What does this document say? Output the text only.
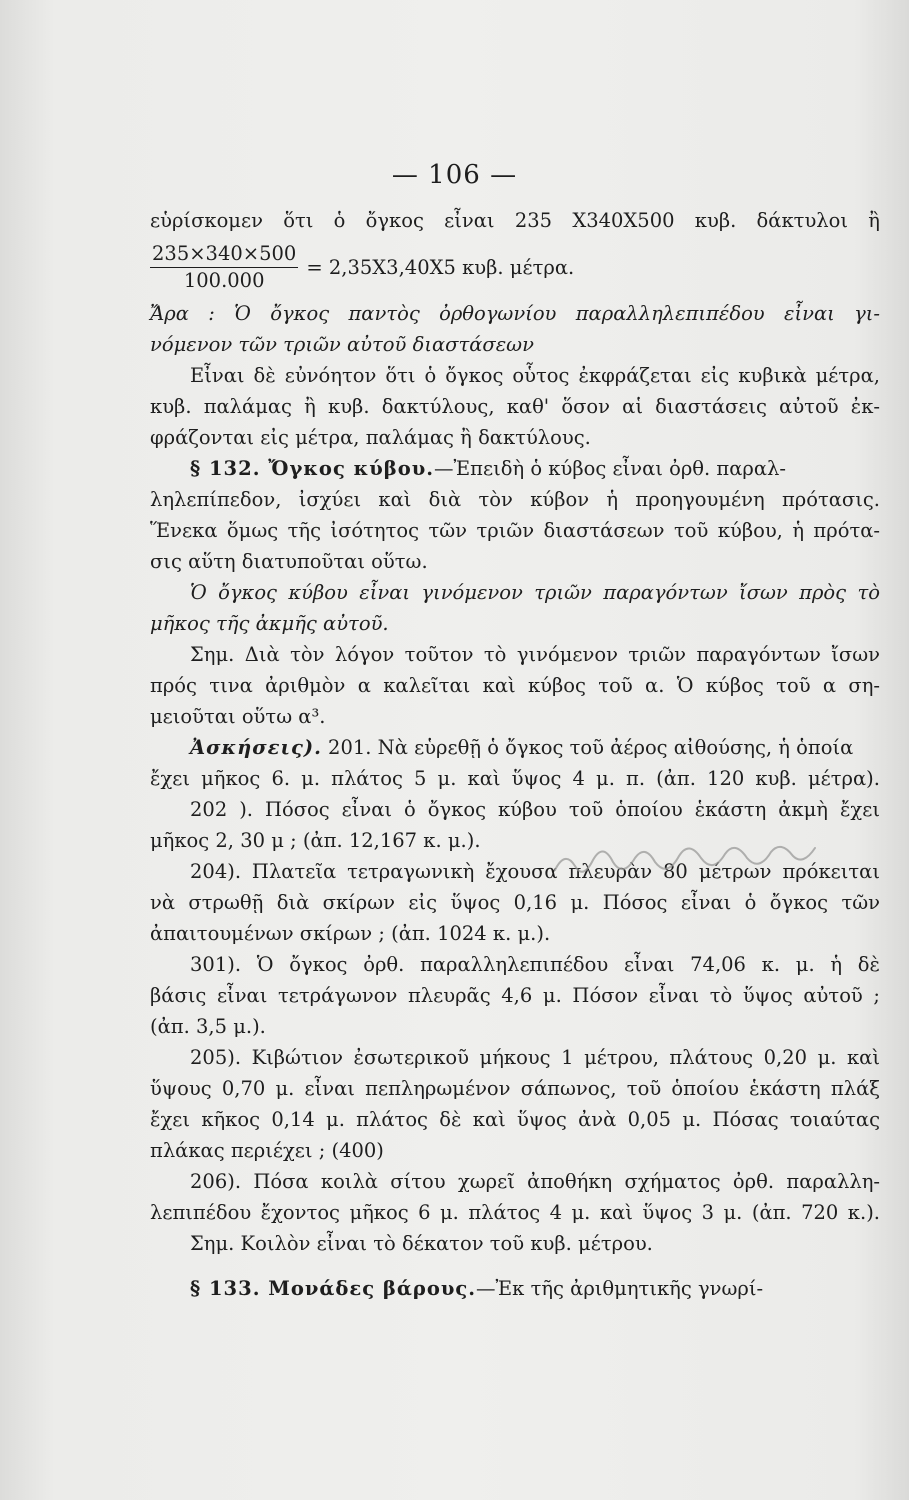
— 106 —
εὑρίσκομεν ὅτι ὁ ὄγκος εἶναι 235 X340X500 κυβ. δάκτυλοι ἢ
$\frac{235\times 340\times 500}{100.000} = 2,35X3,40X5$ κυβ. μέτρα.
Ἄρα : Ὁ ὄγκος παντὸς ὀρθογωνίου παραλληλεπιπέδου εἶναι γι-
νόμενον τῶν τριῶν αὐτοῦ διαστάσεων
Εἶναι δὲ εὐνόητον ὅτι ὁ ὄγκος οὗτος ἐκφράζεται εἰς κυβικὰ μέτρα,
κυβ. παλάμας ἢ κυβ. δακτύλους, καθ' ὅσον αἱ διαστάσεις αὐτοῦ ἐκ-
φράζονται εἰς μέτρα, παλάμας ἢ δακτύλους.
§ 132. Ὄγκος κύβου.—Ἐπειδὴ ὁ κύβος εἶναι ὀρθ. παραλ-
ληλεπίπεδον, ἰσχύει καὶ διὰ τὸν κύβον ἡ προηγουμένη πρότασις.
Ἕνεκα ὅμως τῆς ἰσότητος τῶν τριῶν διαστάσεων τοῦ κύβου, ἡ πρότα-
σις αὕτη διατυποῦται οὕτω.
Ὁ ὄγκος κύβου εἶναι γινόμενον τριῶν παραγόντων ἴσων πρὸς τὸ
μῆκος τῆς ἀκμῆς αὐτοῦ.
Σημ. Διὰ τὸν λόγον τοῦτον τὸ γινόμενον τριῶν παραγόντων ἴσων
πρός τινα ἀριθμὸν α καλεῖται καὶ κύβος τοῦ α. Ὁ κύβος τοῦ α ση-
μειοῦται οὕτω α³.
Ἀσκήσεις). 201. Νὰ εὑρεθῇ ὁ ὄγκος τοῦ ἀέρος αἰθούσης, ἡ ὁποία
ἔχει μῆκος 6. μ. πλάτος 5 μ. καὶ ὕψος 4 μ. π. (ἀπ. 120 κυβ. μέτρα).
202 ). Πόσος εἶναι ὁ ὄγκος κύβου τοῦ ὁποίου ἑκάστη ἀκμὴ ἔχει
μῆκος 2, 30 μ ; (ἀπ. 12,167 κ. μ.).
204). Πλατεῖα τετραγωνικὴ ἔχουσα πλευρὰν 80 μέτρων πρόκειται
νὰ στρωθῇ διὰ σκίρων εἰς ὕψος 0,16 μ. Πόσος εἶναι ὁ ὄγκος τῶν
ἀπαιτουμένων σκίρων ; (ἀπ. 1024 κ. μ.).
301). Ὁ ὄγκος ὀρθ. παραλληλεπιπέδου εἶναι 74,06 κ. μ. ἡ δὲ
βάσις εἶναι τετράγωνον πλευρᾶς 4,6 μ. Πόσον εἶναι τὸ ὕψος αὐτοῦ ;
(ἀπ. 3,5 μ.).
205). Κιβώτιον ἐσωτερικοῦ μήκους 1 μέτρου, πλάτους 0,20 μ. καὶ
ὕψους 0,70 μ. εἶναι πεπληρωμένον σάπωνος, τοῦ ὁποίου ἑκάστη πλάξ
ἔχει κῆκος 0,14 μ. πλάτος δὲ καὶ ὕψος ἀνὰ 0,05 μ. Πόσας τοιαύτας
πλάκας περιέχει ; (400)
206). Πόσα κοιλὰ σίτου χωρεῖ ἀποθήκη σχήματος ὀρθ. παραλλη-
λεπιπέδου ἔχοντος μῆκος 6 μ. πλάτος 4 μ. καὶ ὕψος 3 μ. (ἀπ. 720 κ.).
Σημ. Κοιλὸν εἶναι τὸ δέκατον τοῦ κυβ. μέτρου.
§ 133. Μονάδες βάρους.—Ἐκ τῆς ἀριθμητικῆς γνωρί-
